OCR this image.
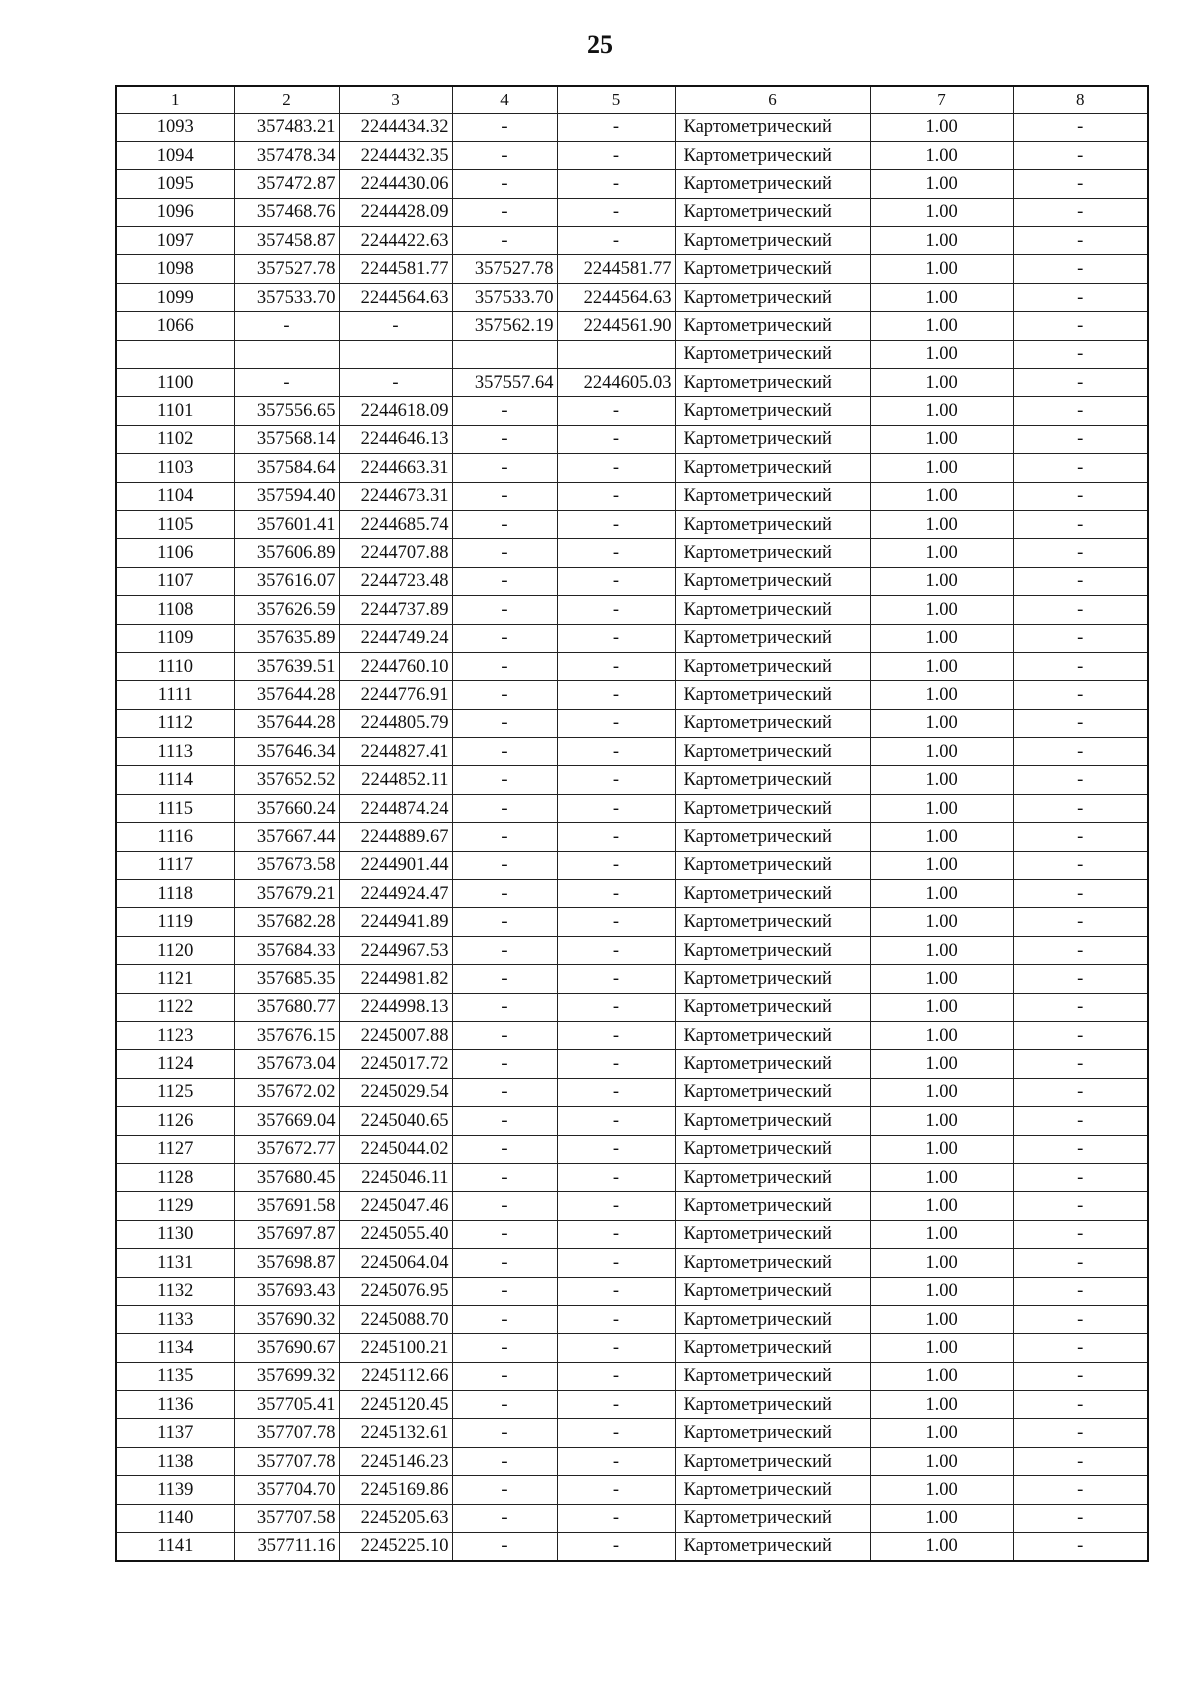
25
1	2	3	4	5	6	7	8
1093	357483.21	2244434.32	-	-	Картометрический	1.00	-
1094	357478.34	2244432.35	-	-	Картометрический	1.00	-
1095	357472.87	2244430.06	-	-	Картометрический	1.00	-
1096	357468.76	2244428.09	-	-	Картометрический	1.00	-
1097	357458.87	2244422.63	-	-	Картометрический	1.00	-
1098	357527.78	2244581.77	357527.78	2244581.77	Картометрический	1.00	-
1099	357533.70	2244564.63	357533.70	2244564.63	Картометрический	1.00	-
1066	-	-	357562.19	2244561.90	Картометрический	1.00	-
					Картометрический	1.00	-
1100	-	-	357557.64	2244605.03	Картометрический	1.00	-
1101	357556.65	2244618.09	-	-	Картометрический	1.00	-
1102	357568.14	2244646.13	-	-	Картометрический	1.00	-
1103	357584.64	2244663.31	-	-	Картометрический	1.00	-
1104	357594.40	2244673.31	-	-	Картометрический	1.00	-
1105	357601.41	2244685.74	-	-	Картометрический	1.00	-
1106	357606.89	2244707.88	-	-	Картометрический	1.00	-
1107	357616.07	2244723.48	-	-	Картометрический	1.00	-
1108	357626.59	2244737.89	-	-	Картометрический	1.00	-
1109	357635.89	2244749.24	-	-	Картометрический	1.00	-
1110	357639.51	2244760.10	-	-	Картометрический	1.00	-
1111	357644.28	2244776.91	-	-	Картометрический	1.00	-
1112	357644.28	2244805.79	-	-	Картометрический	1.00	-
1113	357646.34	2244827.41	-	-	Картометрический	1.00	-
1114	357652.52	2244852.11	-	-	Картометрический	1.00	-
1115	357660.24	2244874.24	-	-	Картометрический	1.00	-
1116	357667.44	2244889.67	-	-	Картометрический	1.00	-
1117	357673.58	2244901.44	-	-	Картометрический	1.00	-
1118	357679.21	2244924.47	-	-	Картометрический	1.00	-
1119	357682.28	2244941.89	-	-	Картометрический	1.00	-
1120	357684.33	2244967.53	-	-	Картометрический	1.00	-
1121	357685.35	2244981.82	-	-	Картометрический	1.00	-
1122	357680.77	2244998.13	-	-	Картометрический	1.00	-
1123	357676.15	2245007.88	-	-	Картометрический	1.00	-
1124	357673.04	2245017.72	-	-	Картометрический	1.00	-
1125	357672.02	2245029.54	-	-	Картометрический	1.00	-
1126	357669.04	2245040.65	-	-	Картометрический	1.00	-
1127	357672.77	2245044.02	-	-	Картометрический	1.00	-
1128	357680.45	2245046.11	-	-	Картометрический	1.00	-
1129	357691.58	2245047.46	-	-	Картометрический	1.00	-
1130	357697.87	2245055.40	-	-	Картометрический	1.00	-
1131	357698.87	2245064.04	-	-	Картометрический	1.00	-
1132	357693.43	2245076.95	-	-	Картометрический	1.00	-
1133	357690.32	2245088.70	-	-	Картометрический	1.00	-
1134	357690.67	2245100.21	-	-	Картометрический	1.00	-
1135	357699.32	2245112.66	-	-	Картометрический	1.00	-
1136	357705.41	2245120.45	-	-	Картометрический	1.00	-
1137	357707.78	2245132.61	-	-	Картометрический	1.00	-
1138	357707.78	2245146.23	-	-	Картометрический	1.00	-
1139	357704.70	2245169.86	-	-	Картометрический	1.00	-
1140	357707.58	2245205.63	-	-	Картометрический	1.00	-
1141	357711.16	2245225.10	-	-	Картометрический	1.00	-
